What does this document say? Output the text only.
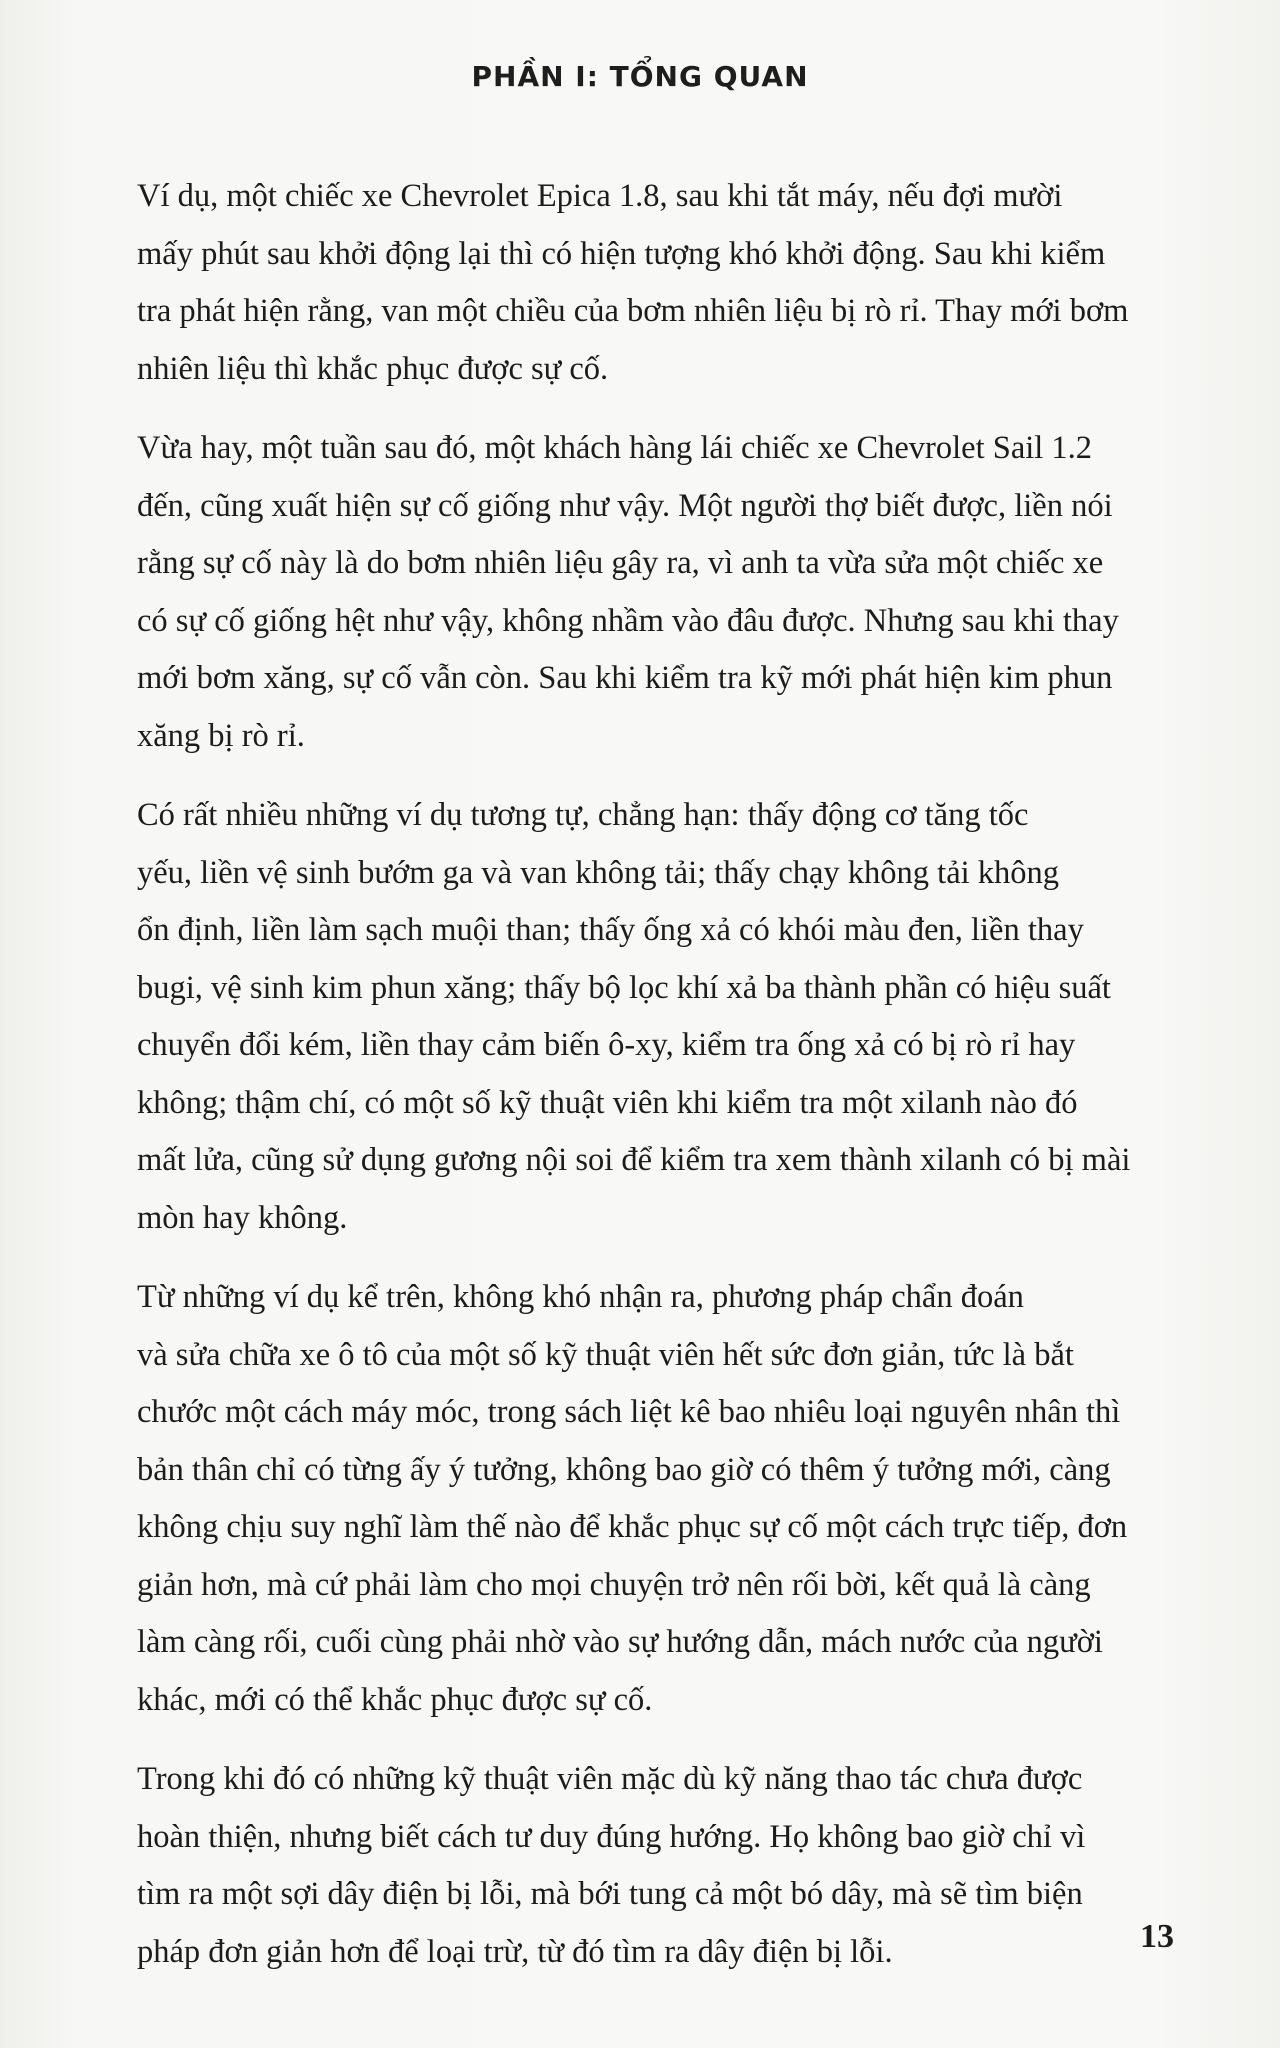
PHẦN I: TỔNG QUAN

Ví dụ, một chiếc xe Chevrolet Epica 1.8, sau khi tắt máy, nếu đợi mười
mấy phút sau khởi động lại thì có hiện tượng khó khởi động. Sau khi kiểm
tra phát hiện rằng, van một chiều của bơm nhiên liệu bị rò rỉ. Thay mới bơm
nhiên liệu thì khắc phục được sự cố.

Vừa hay, một tuần sau đó, một khách hàng lái chiếc xe Chevrolet Sail 1.2
đến, cũng xuất hiện sự cố giống như vậy. Một người thợ biết được, liền nói
rằng sự cố này là do bơm nhiên liệu gây ra, vì anh ta vừa sửa một chiếc xe
có sự cố giống hệt như vậy, không nhầm vào đâu được. Nhưng sau khi thay
mới bơm xăng, sự cố vẫn còn. Sau khi kiểm tra kỹ mới phát hiện kim phun
xăng bị rò rỉ.

Có rất nhiều những ví dụ tương tự, chẳng hạn: thấy động cơ tăng tốc
yếu, liền vệ sinh bướm ga và van không tải; thấy chạy không tải không
ổn định, liền làm sạch muội than; thấy ống xả có khói màu đen, liền thay
bugi, vệ sinh kim phun xăng; thấy bộ lọc khí xả ba thành phần có hiệu suất
chuyển đổi kém, liền thay cảm biến ô-xy, kiểm tra ống xả có bị rò rỉ hay
không; thậm chí, có một số kỹ thuật viên khi kiểm tra một xilanh nào đó
mất lửa, cũng sử dụng gương nội soi để kiểm tra xem thành xilanh có bị mài
mòn hay không.

Từ những ví dụ kể trên, không khó nhận ra, phương pháp chẩn đoán
và sửa chữa xe ô tô của một số kỹ thuật viên hết sức đơn giản, tức là bắt
chước một cách máy móc, trong sách liệt kê bao nhiêu loại nguyên nhân thì
bản thân chỉ có từng ấy ý tưởng, không bao giờ có thêm ý tưởng mới, càng
không chịu suy nghĩ làm thế nào để khắc phục sự cố một cách trực tiếp, đơn
giản hơn, mà cứ phải làm cho mọi chuyện trở nên rối bời, kết quả là càng
làm càng rối, cuối cùng phải nhờ vào sự hướng dẫn, mách nước của người
khác, mới có thể khắc phục được sự cố.

Trong khi đó có những kỹ thuật viên mặc dù kỹ năng thao tác chưa được
hoàn thiện, nhưng biết cách tư duy đúng hướng. Họ không bao giờ chỉ vì
tìm ra một sợi dây điện bị lỗi, mà bới tung cả một bó dây, mà sẽ tìm biện
pháp đơn giản hơn để loại trừ, từ đó tìm ra dây điện bị lỗi.	13
